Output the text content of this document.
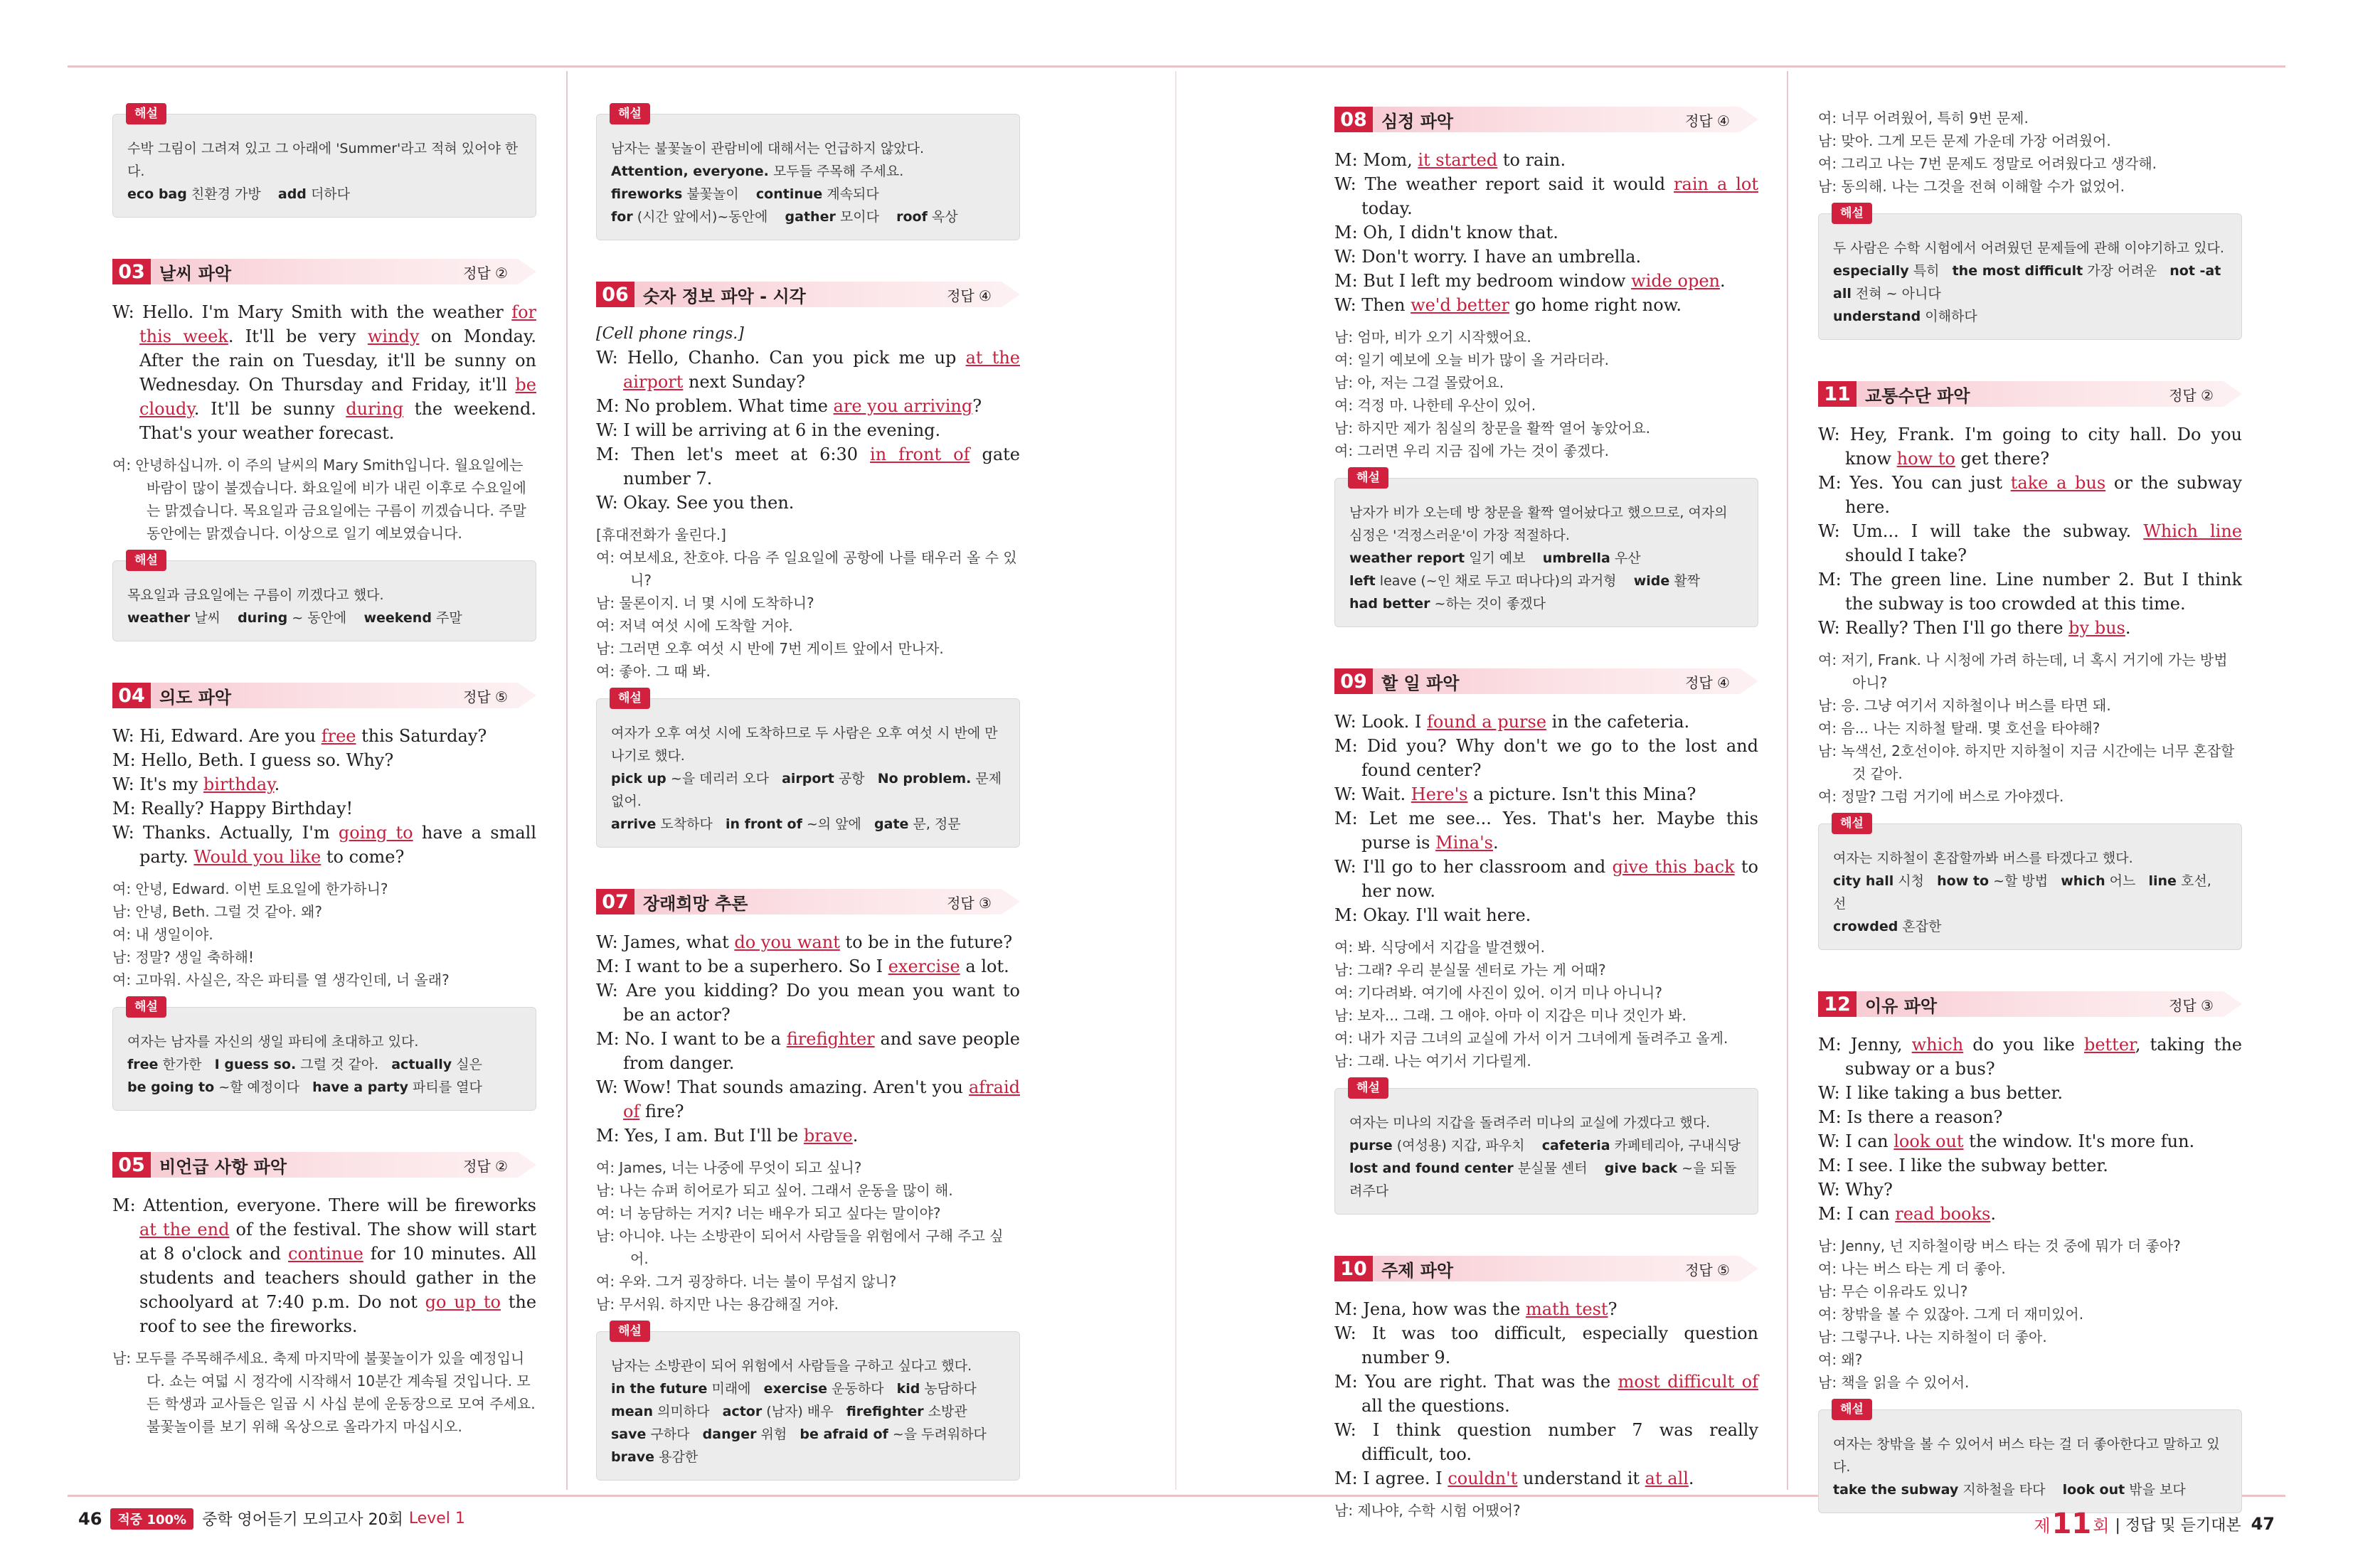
해설
수박 그림이 그려져 있고 그 아래에 'Summer'라고 적혀 있어야 한다.
eco bag 친환경 가방 add 더하다
03 날씨 파악	정답 ②
W: Hello. I'm Mary Smith with the weather for this week. It'll be very windy on Monday. After the rain on Tuesday, it'll be sunny on Wednesday. On Thursday and Friday, it'll be cloudy. It'll be sunny during the weekend. That's your weather forecast.
여: 안녕하십니까. 이 주의 날씨의 Mary Smith입니다. 월요일에는 바람이 많이 불겠습니다. 화요일에 비가 내린 이후로 수요일에는 맑겠습니다. 목요일과 금요일에는 구름이 끼겠습니다. 주말 동안에는 맑겠습니다. 이상으로 일기 예보였습니다.
해설
목요일과 금요일에는 구름이 끼겠다고 했다.
weather 날씨 during ~ 동안에 weekend 주말
04 의도 파악	정답 ⑤
W: Hi, Edward. Are you free this Saturday?
M: Hello, Beth. I guess so. Why?
W: It's my birthday.
M: Really? Happy Birthday!
W: Thanks. Actually, I'm going to have a small party. Would you like to come?
여: 안녕, Edward. 이번 토요일에 한가하니?
남: 안녕, Beth. 그럴 것 같아. 왜?
여: 내 생일이야.
남: 정말? 생일 축하해!
여: 고마워. 사실은, 작은 파티를 열 생각인데, 너 올래?
해설
여자는 남자를 자신의 생일 파티에 초대하고 있다.
free 한가한 I guess so. 그럴 것 같아. actually 실은
be going to ~할 예정이다 have a party 파티를 열다
05 비언급 사항 파악	정답 ②
M: Attention, everyone. There will be fireworks at the end of the festival. The show will start at 8 o'clock and continue for 10 minutes. All students and teachers should gather in the schoolyard at 7:40 p.m. Do not go up to the roof to see the fireworks.
남: 모두를 주목해주세요. 축제 마지막에 불꽃놀이가 있을 예정입니다. 쇼는 여덟 시 정각에 시작해서 10분간 계속될 것입니다. 모든 학생과 교사들은 일곱 시 사십 분에 운동장으로 모여 주세요. 불꽃놀이를 보기 위해 옥상으로 올라가지 마십시오.
해설
남자는 불꽃놀이 관람비에 대해서는 언급하지 않았다.
Attention, everyone. 모두들 주목해 주세요.
fireworks 불꽃놀이 continue 계속되다
for (시간 앞에서)~동안에 gather 모이다 roof 옥상
06 숫자 정보 파악 - 시각	정답 ④
[Cell phone rings.]
W: Hello, Chanho. Can you pick me up at the airport next Sunday?
M: No problem. What time are you arriving?
W: I will be arriving at 6 in the evening.
M: Then let's meet at 6:30 in front of gate number 7.
W: Okay. See you then.
[휴대전화가 울린다.]
여: 여보세요, 찬호야. 다음 주 일요일에 공항에 나를 태우러 올 수 있니?
남: 물론이지. 너 몇 시에 도착하니?
여: 저녁 여섯 시에 도착할 거야.
남: 그러면 오후 여섯 시 반에 7번 게이트 앞에서 만나자.
여: 좋아. 그 때 봐.
해설
여자가 오후 여섯 시에 도착하므로 두 사람은 오후 여섯 시 반에 만나기로 했다.
pick up ~을 데리러 오다 airport 공항 No problem. 문제 없어.
arrive 도착하다 in front of ~의 앞에 gate 문, 정문
07 장래희망 추론	정답 ③
W: James, what do you want to be in the future?
M: I want to be a superhero. So I exercise a lot.
W: Are you kidding? Do you mean you want to be an actor?
M: No. I want to be a firefighter and save people from danger.
W: Wow! That sounds amazing. Aren't you afraid of fire?
M: Yes, I am. But I'll be brave.
여: James, 너는 나중에 무엇이 되고 싶니?
남: 나는 슈퍼 히어로가 되고 싶어. 그래서 운동을 많이 해.
여: 너 농담하는 거지? 너는 배우가 되고 싶다는 말이야?
남: 아니야. 나는 소방관이 되어서 사람들을 위험에서 구해 주고 싶어.
여: 우와. 그거 굉장하다. 너는 불이 무섭지 않니?
남: 무서워. 하지만 나는 용감해질 거야.
해설
남자는 소방관이 되어 위험에서 사람들을 구하고 싶다고 했다.
in the future 미래에 exercise 운동하다 kid 농담하다
mean 의미하다 actor (남자) 배우 firefighter 소방관
save 구하다 danger 위험 be afraid of ~을 두려워하다
brave 용감한
08 심정 파악	정답 ④
M: Mom, it started to rain.
W: The weather report said it would rain a lot today.
M: Oh, I didn't know that.
W: Don't worry. I have an umbrella.
M: But I left my bedroom window wide open.
W: Then we'd better go home right now.
남: 엄마, 비가 오기 시작했어요.
여: 일기 예보에 오늘 비가 많이 올 거라더라.
남: 아, 저는 그걸 몰랐어요.
여: 걱정 마. 나한테 우산이 있어.
남: 하지만 제가 침실의 창문을 활짝 열어 놓았어요.
여: 그러면 우리 지금 집에 가는 것이 좋겠다.
해설
남자가 비가 오는데 방 창문을 활짝 열어놨다고 했으므로, 여자의 심정은 '걱정스러운'이 가장 적절하다.
weather report 일기 예보 umbrella 우산
left leave (~인 채로 두고 떠나다)의 과거형 wide 활짝
had better ~하는 것이 좋겠다
09 할 일 파악	정답 ④
W: Look. I found a purse in the cafeteria.
M: Did you? Why don't we go to the lost and found center?
W: Wait. Here's a picture. Isn't this Mina?
M: Let me see... Yes. That's her. Maybe this purse is Mina's.
W: I'll go to her classroom and give this back to her now.
M: Okay. I'll wait here.
여: 봐. 식당에서 지갑을 발견했어.
남: 그래? 우리 분실물 센터로 가는 게 어때?
여: 기다려봐. 여기에 사진이 있어. 이거 미나 아니니?
남: 보자... 그래. 그 애야. 아마 이 지갑은 미나 것인가 봐.
여: 내가 지금 그녀의 교실에 가서 이거 그녀에게 돌려주고 올게.
남: 그래. 나는 여기서 기다릴게.
해설
여자는 미나의 지갑을 돌려주러 미나의 교실에 가겠다고 했다.
purse (여성용) 지갑, 파우치 cafeteria 카페테리아, 구내식당
lost and found center 분실물 센터 give back ~을 되돌려주다
10 주제 파악	정답 ⑤
M: Jena, how was the math test?
W: It was too difficult, especially question number 9.
M: You are right. That was the most difficult of all the questions.
W: I think question number 7 was really difficult, too.
M: I agree. I couldn't understand it at all.
남: 제나야, 수학 시험 어땠어?
여: 너무 어려웠어, 특히 9번 문제.
남: 맞아. 그게 모든 문제 가운데 가장 어려웠어.
여: 그리고 나는 7번 문제도 정말로 어려웠다고 생각해.
남: 동의해. 나는 그것을 전혀 이해할 수가 없었어.
해설
두 사람은 수학 시험에서 어려웠던 문제들에 관해 이야기하고 있다.
especially 특히 the most difficult 가장 어려운 not -at all 전혀 ~ 아니다
understand 이해하다
11 교통수단 파악	정답 ②
W: Hey, Frank. I'm going to city hall. Do you know how to get there?
M: Yes. You can just take a bus or the subway here.
W: Um... I will take the subway. Which line should I take?
M: The green line. Line number 2. But I think the subway is too crowded at this time.
W: Really? Then I'll go there by bus.
여: 저기, Frank. 나 시청에 가려 하는데, 너 혹시 거기에 가는 방법 아니?
남: 응. 그냥 여기서 지하철이나 버스를 타면 돼.
여: 음... 나는 지하철 탈래. 몇 호선을 타야해?
남: 녹색선, 2호선이야. 하지만 지하철이 지금 시간에는 너무 혼잡할 것 같아.
여: 정말? 그럼 거기에 버스로 가야겠다.
해설
여자는 지하철이 혼잡할까봐 버스를 타겠다고 했다.
city hall 시청 how to ~할 방법 which 어느 line 호선, 선
crowded 혼잡한
12 이유 파악	정답 ③
M: Jenny, which do you like better, taking the subway or a bus?
W: I like taking a bus better.
M: Is there a reason?
W: I can look out the window. It's more fun.
M: I see. I like the subway better.
W: Why?
M: I can read books.
남: Jenny, 넌 지하철이랑 버스 타는 것 중에 뭐가 더 좋아?
여: 나는 버스 타는 게 더 좋아.
남: 무슨 이유라도 있니?
여: 창밖을 볼 수 있잖아. 그게 더 재미있어.
남: 그렇구나. 나는 지하철이 더 좋아.
여: 왜?
남: 책을 읽을 수 있어서.
해설
여자는 창밖을 볼 수 있어서 버스 타는 걸 더 좋아한다고 말하고 있다.
take the subway 지하철을 타다 look out 밖을 보다
46	적중 100%	중학 영어듣기 모의고사 20회 Level 1	제 11 회 | 정답 및 듣기대본 47
